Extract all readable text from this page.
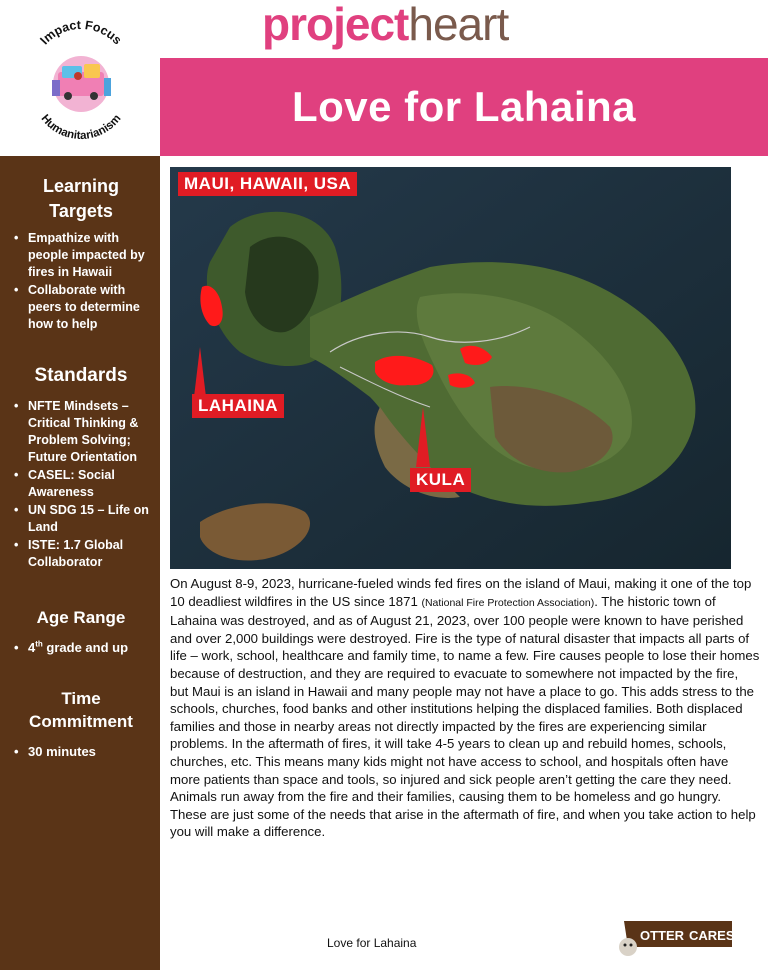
Impact Focus
Humanitarianism
projectheart
Love for Lahaina
Learning Targets
• Empathize with people impacted by fires in Hawaii
• Collaborate with peers to determine how to help
Standards
• NFTE Mindsets – Critical Thinking & Problem Solving; Future Orientation
• CASEL: Social Awareness
• UN SDG 15 – Life on Land
• ISTE: 1.7 Global Collaborator
Age Range
• 4th grade and up
Time Commitment
• 30 minutes
MAUI, HAWAII, USA
LAHAINA
KULA

On August 8-9, 2023, hurricane-fueled winds fed fires on the island of Maui, making it one of the top 10 deadliest wildfires in the US since 1871 (National Fire Protection Association). The historic town of Lahaina was destroyed, and as of August 21, 2023, over 100 people were known to have perished and over 2,000 buildings were destroyed. Fire is the type of natural disaster that impacts all parts of life – work, school, healthcare and family time, to name a few. Fire causes people to lose their homes because of destruction, and they are required to evacuate to somewhere not impacted by the fire, but Maui is an island in Hawaii and many people may not have a place to go. This adds stress to the schools, churches, food banks and other institutions helping the displaced families. Both displaced families and those in nearby areas not directly impacted by the fires are experiencing similar problems. In the aftermath of fires, it will take 4-5 years to clean up and rebuild homes, schools, churches, etc. This means many kids might not have access to school, and hospitals often have more patients than space and tools, so injured and sick people aren’t getting the care they need. Animals run away from the fire and their families, causing them to be homeless and go hungry. These are just some of the needs that arise in the aftermath of fire, and when you take action to help you will make a difference.

Love for Lahaina	OTTER CARES
